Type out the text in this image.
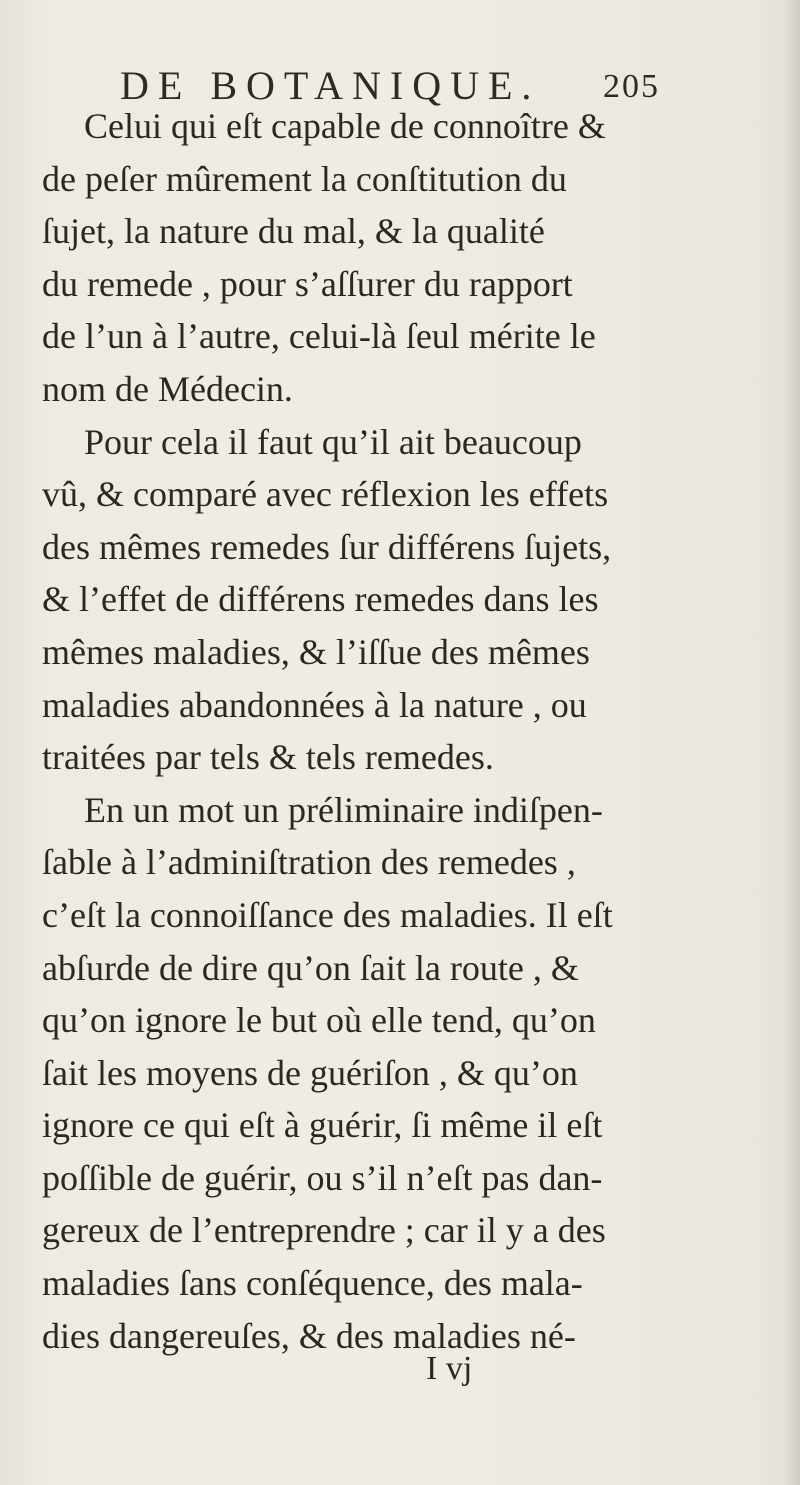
DE BOTANIQUE. 205
Celui qui eſt capable de connoître &
de peſer mûrement la conſtitution du
ſujet, la nature du mal, & la qualité
du remede , pour s’aſſurer du rapport
de l’un à l’autre, celui-là ſeul mérite le
nom de Médecin.
Pour cela il faut qu’il ait beaucoup
vû, & comparé avec réflexion les effets
des mêmes remedes ſur différens ſujets,
& l’effet de différens remedes dans les
mêmes maladies, & l’iſſue des mêmes
maladies abandonnées à la nature , ou
traitées par tels & tels remedes.
En un mot un préliminaire indiſpen-
ſable à l’adminiſtration des remedes ,
c’eſt la connoiſſance des maladies. Il eſt
abſurde de dire qu’on ſait la route , &
qu’on ignore le but où elle tend, qu’on
ſait les moyens de guériſon , & qu’on
ignore ce qui eſt à guérir, ſi même il eſt
poſſible de guérir, ou s’il n’eſt pas dan-
gereux de l’entreprendre ; car il y a des
maladies ſans conſéquence, des mala-
dies dangereuſes, & des maladies né-
I vj
